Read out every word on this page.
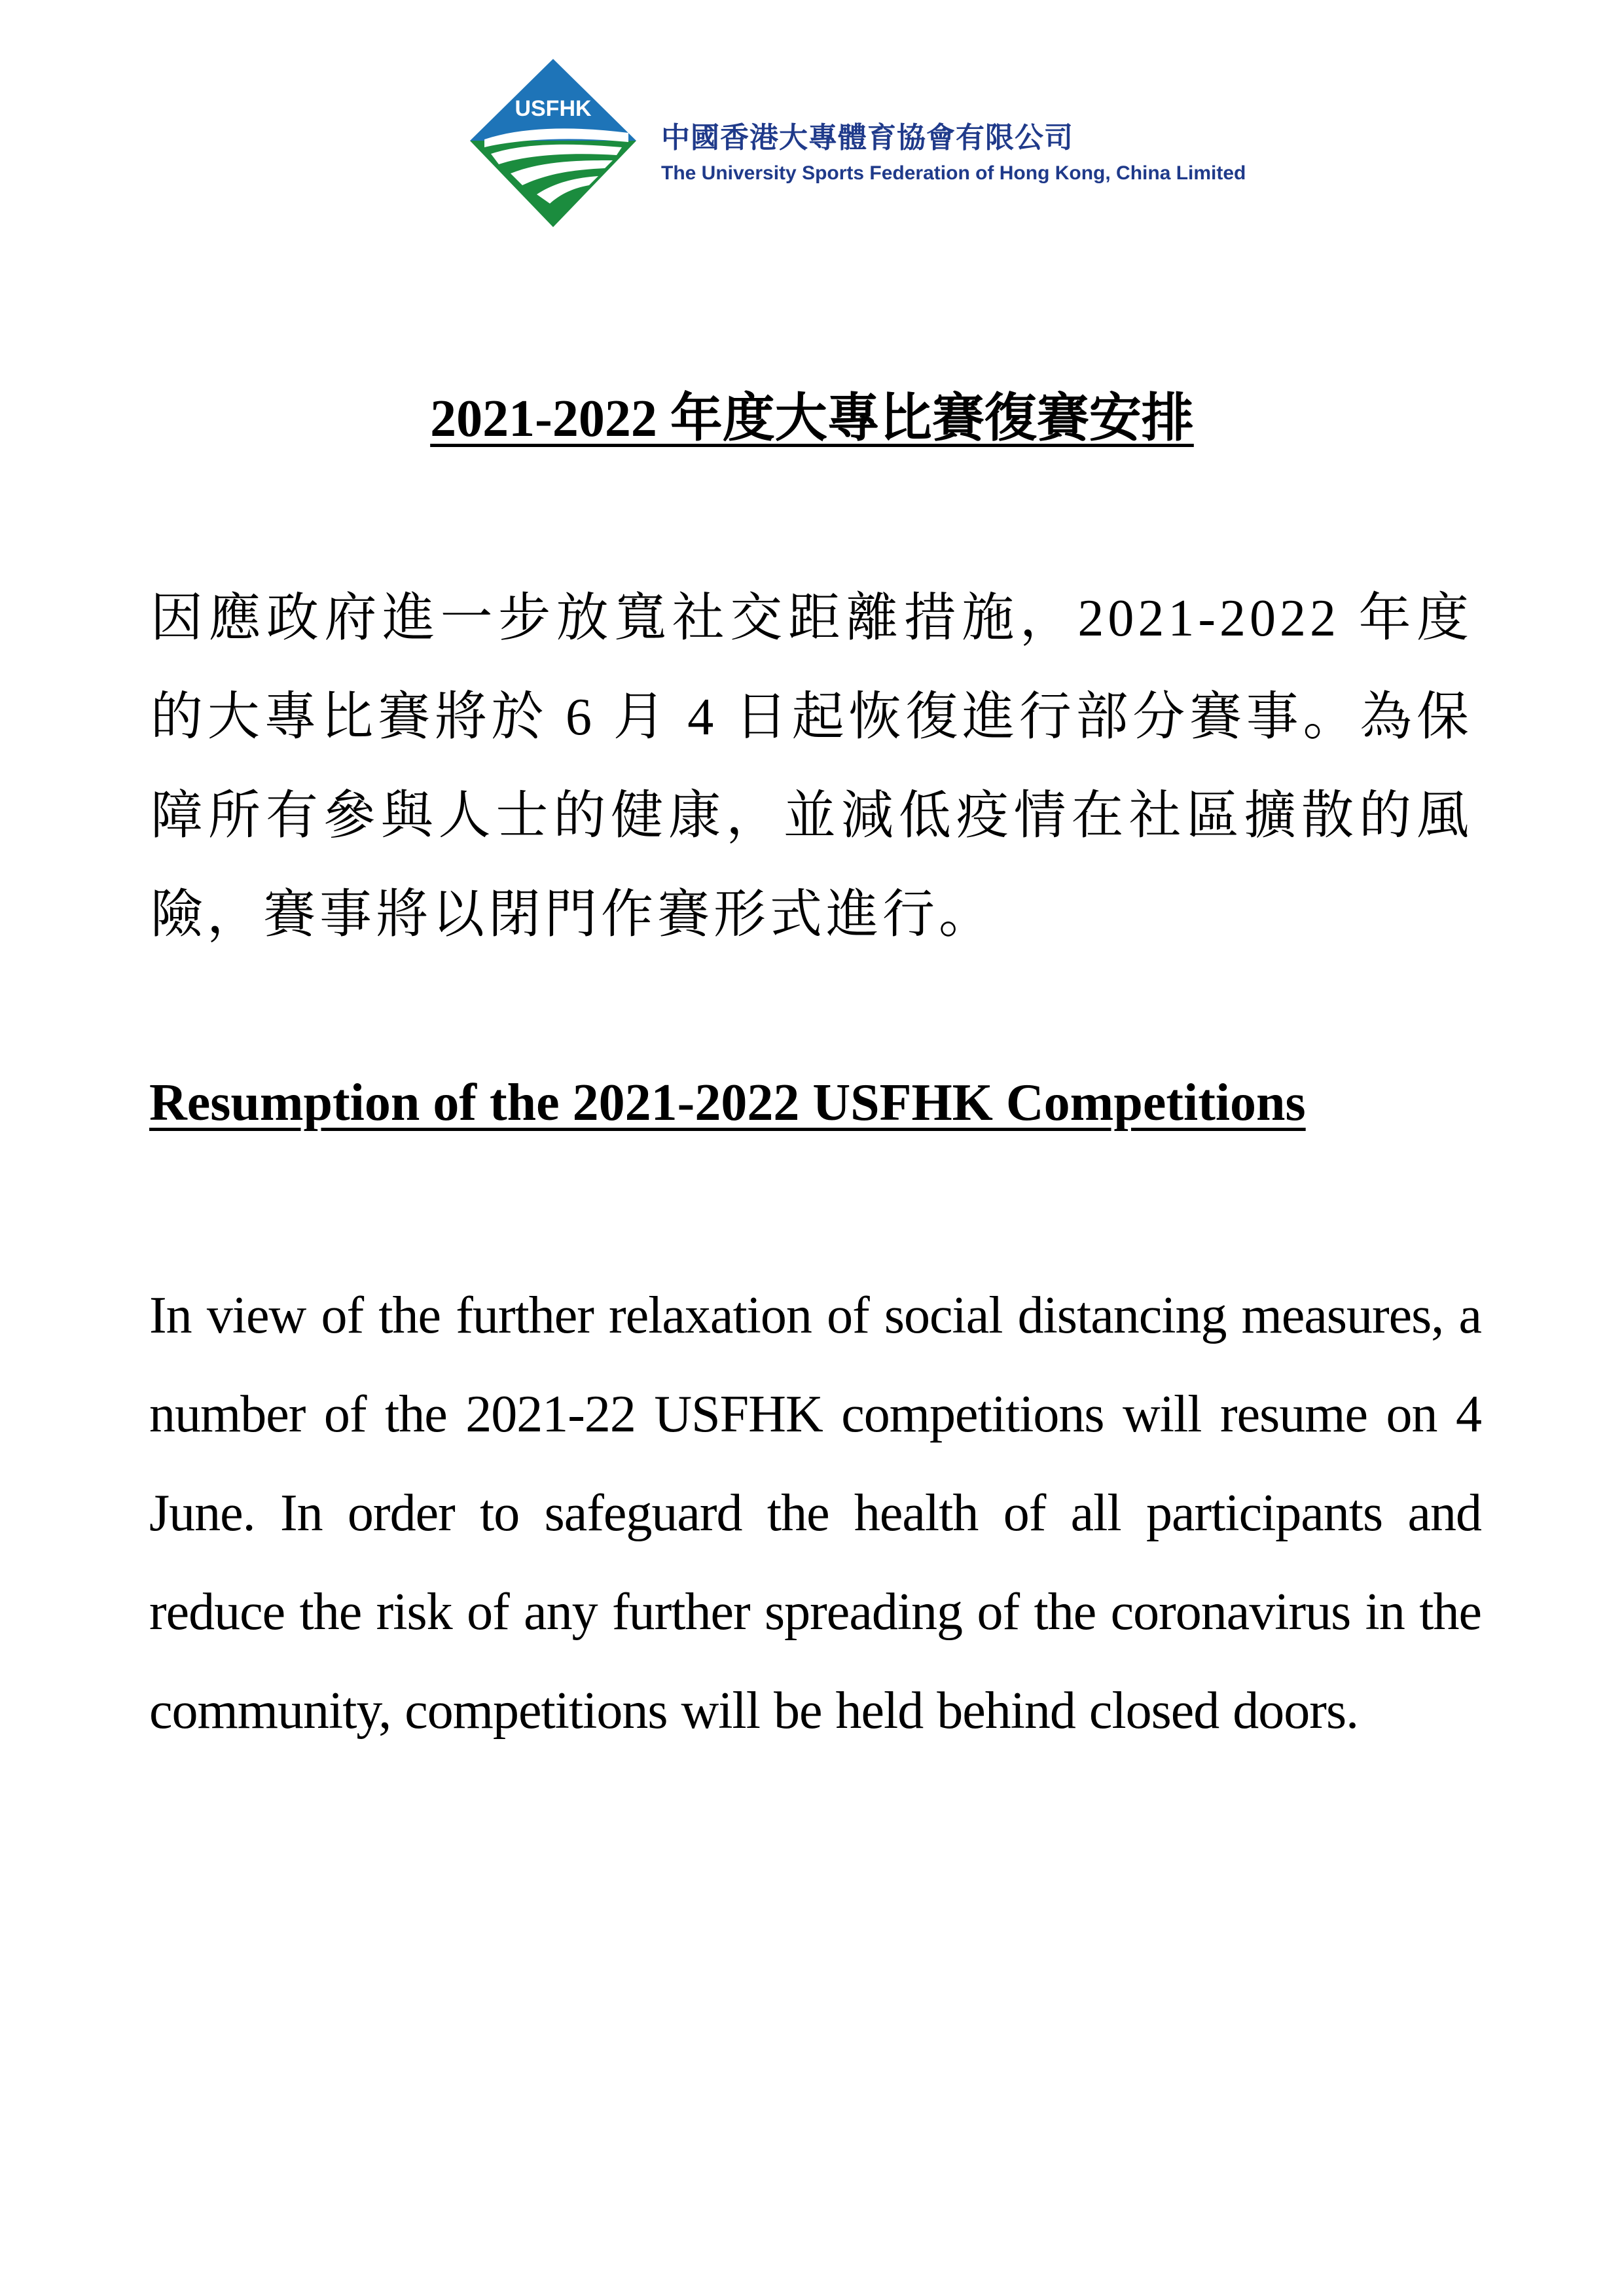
USFHK
中國香港大專體育協會有限公司
The University Sports Federation of Hong Kong, China Limited
2021-2022 年度大專比賽復賽安排

因應政府進一步放寬社交距離措施，2021-2022 年度的大專比賽將於 6 月 4 日起恢復進行部分賽事。為保障所有參與人士的健康，並減低疫情在社區擴散的風險，賽事將以閉門作賽形式進行。

Resumption of the 2021-2022 USFHK Competitions

In view of the further relaxation of social distancing measures, a number of the 2021-22 USFHK competitions will resume on 4 June. In order to safeguard the health of all participants and reduce the risk of any further spreading of the coronavirus in the community, competitions will be held behind closed doors.
